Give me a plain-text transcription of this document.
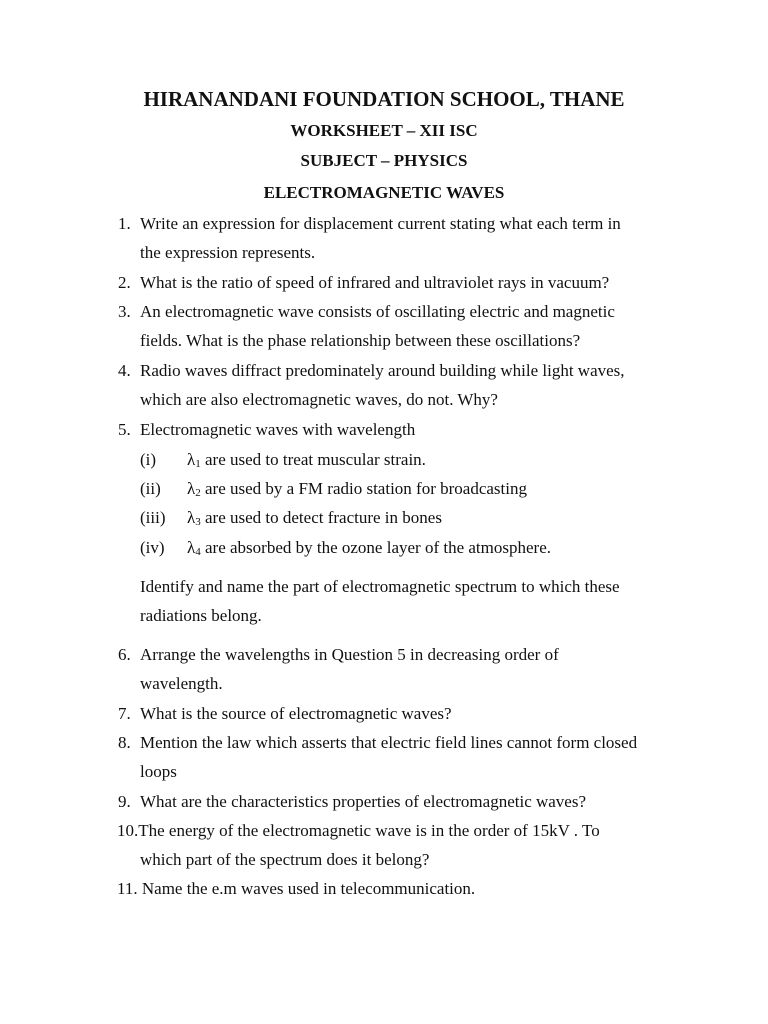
HIRANANDANI FOUNDATION SCHOOL, THANE
WORKSHEET – XII ISC
SUBJECT – PHYSICS
ELECTROMAGNETIC WAVES
1. Write an expression for displacement current stating what each term in
the expression represents.
2. What is the ratio of speed of infrared and ultraviolet rays in vacuum?
3. An electromagnetic wave consists of oscillating electric and magnetic
fields. What is the phase relationship between these oscillations?
4. Radio waves diffract predominately around building while light waves,
which are also electromagnetic waves, do not. Why?
5. Electromagnetic waves with wavelength
(i) $\lambda_1$ are used to treat muscular strain.
(ii) $\lambda_2$ are used by a FM radio station for broadcasting
(iii) $\lambda_3$ are used to detect fracture in bones
(iv) $\lambda_4$ are absorbed by the ozone layer of the atmosphere.
Identify and name the part of electromagnetic spectrum to which these
radiations belong.
6. Arrange the wavelengths in Question 5 in decreasing order of
wavelength.
7. What is the source of electromagnetic waves?
8. Mention the law which asserts that electric field lines cannot form closed
loops
9. What are the characteristics properties of electromagnetic waves?
10.The energy of the electromagnetic wave is in the order of 15kV . To
which part of the spectrum does it belong?
11. Name the e.m waves used in telecommunication.
